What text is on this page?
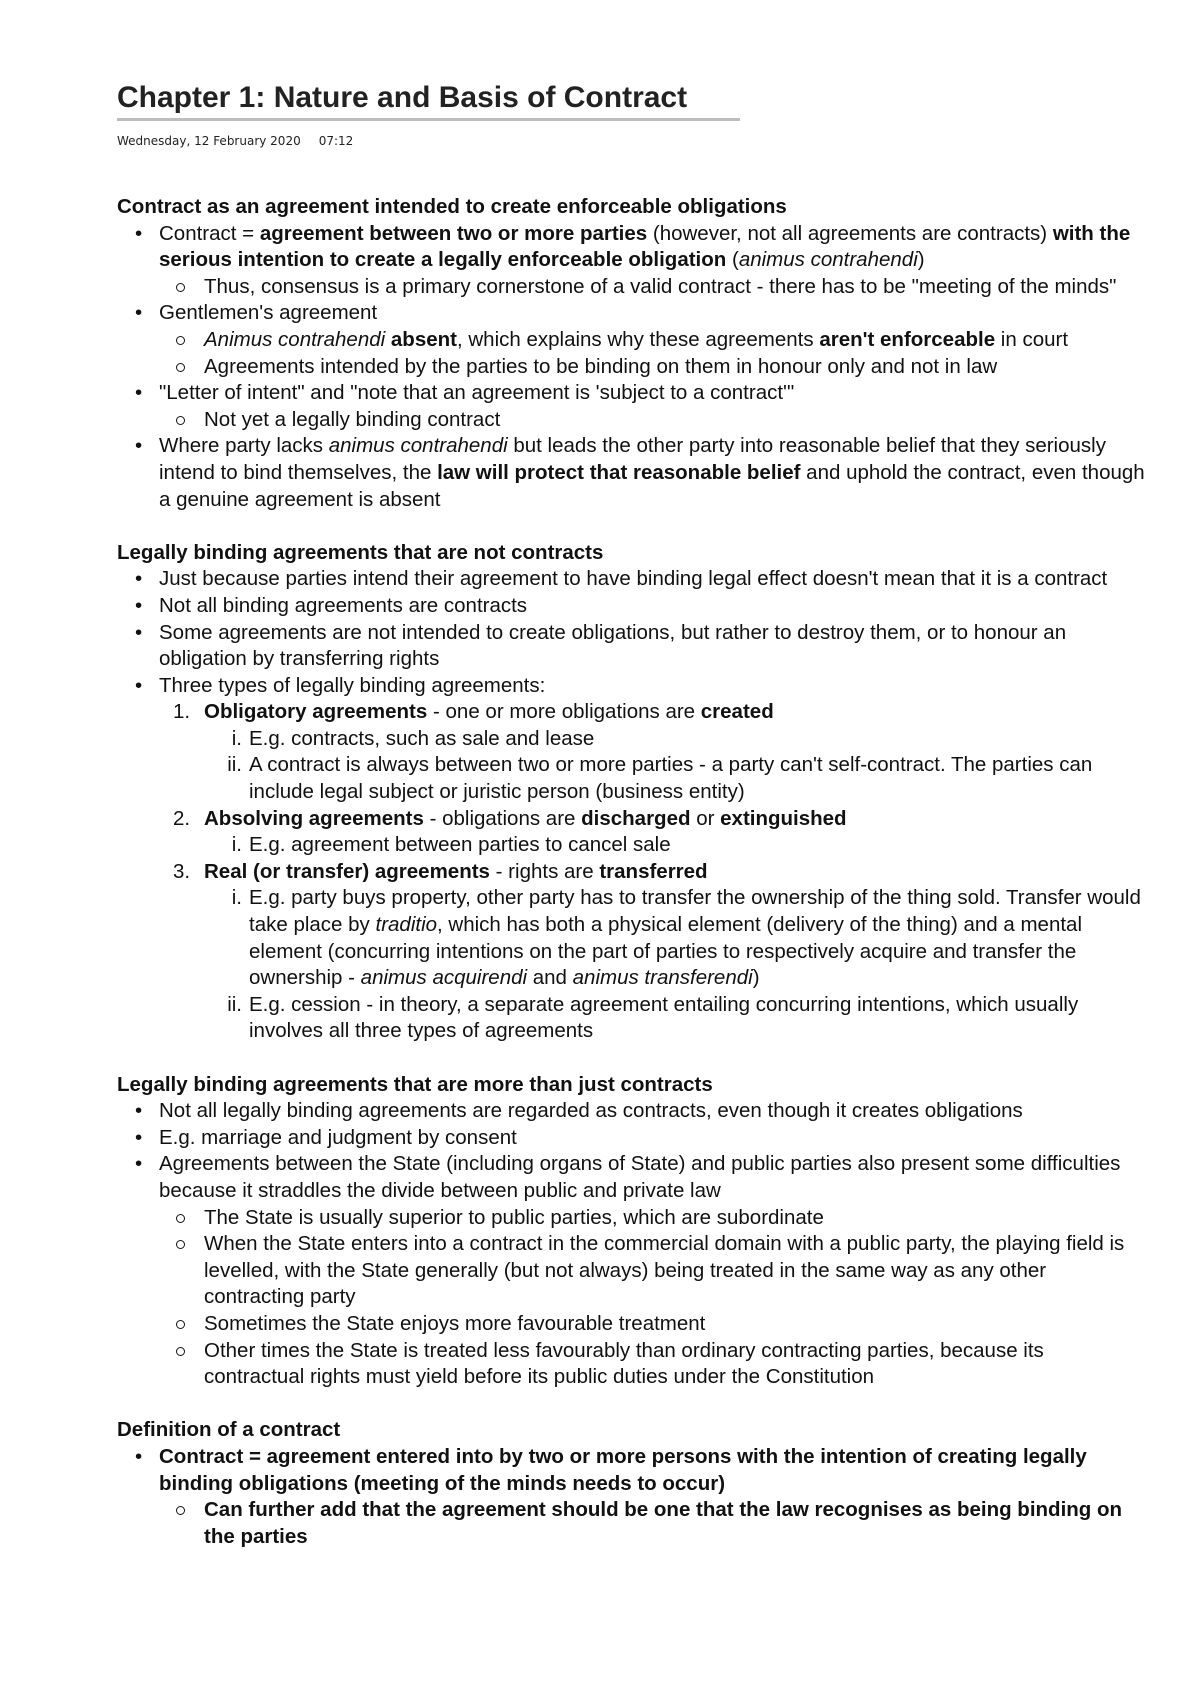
Chapter 1: Nature and Basis of Contract
Wednesday, 12 February 2020 07:12
Contract as an agreement intended to create enforceable obligations
• Contract = agreement between two or more parties (however, not all agreements are contracts) with the serious intention to create a legally enforceable obligation (animus contrahendi)
Thus, consensus is a primary cornerstone of a valid contract - there has to be "meeting of the minds"
• Gentlemen's agreement
Animus contrahendi absent, which explains why these agreements aren't enforceable in court
Agreements intended by the parties to be binding on them in honour only and not in law
• "Letter of intent" and "note that an agreement is 'subject to a contract'"
Not yet a legally binding contract
• Where party lacks animus contrahendi but leads the other party into reasonable belief that they seriously intend to bind themselves, the law will protect that reasonable belief and uphold the contract, even though a genuine agreement is absent
Legally binding agreements that are not contracts
• Just because parties intend their agreement to have binding legal effect doesn't mean that it is a contract
• Not all binding agreements are contracts
• Some agreements are not intended to create obligations, but rather to destroy them, or to honour an obligation by transferring rights
• Three types of legally binding agreements:
1. Obligatory agreements - one or more obligations are created
i. E.g. contracts, such as sale and lease
ii. A contract is always between two or more parties - a party can't self-contract. The parties can include legal subject or juristic person (business entity)
2. Absolving agreements - obligations are discharged or extinguished
i. E.g. agreement between parties to cancel sale
3. Real (or transfer) agreements - rights are transferred
i. E.g. party buys property, other party has to transfer the ownership of the thing sold. Transfer would take place by traditio, which has both a physical element (delivery of the thing) and a mental element (concurring intentions on the part of parties to respectively acquire and transfer the ownership - animus acquirendi and animus transferendi)
ii. E.g. cession - in theory, a separate agreement entailing concurring intentions, which usually involves all three types of agreements
Legally binding agreements that are more than just contracts
• Not all legally binding agreements are regarded as contracts, even though it creates obligations
• E.g. marriage and judgment by consent
• Agreements between the State (including organs of State) and public parties also present some difficulties because it straddles the divide between public and private law
The State is usually superior to public parties, which are subordinate
When the State enters into a contract in the commercial domain with a public party, the playing field is levelled, with the State generally (but not always) being treated in the same way as any other contracting party
Sometimes the State enjoys more favourable treatment
Other times the State is treated less favourably than ordinary contracting parties, because its contractual rights must yield before its public duties under the Constitution
Definition of a contract
• Contract = agreement entered into by two or more persons with the intention of creating legally binding obligations (meeting of the minds needs to occur)
Can further add that the agreement should be one that the law recognises as being binding on the parties
